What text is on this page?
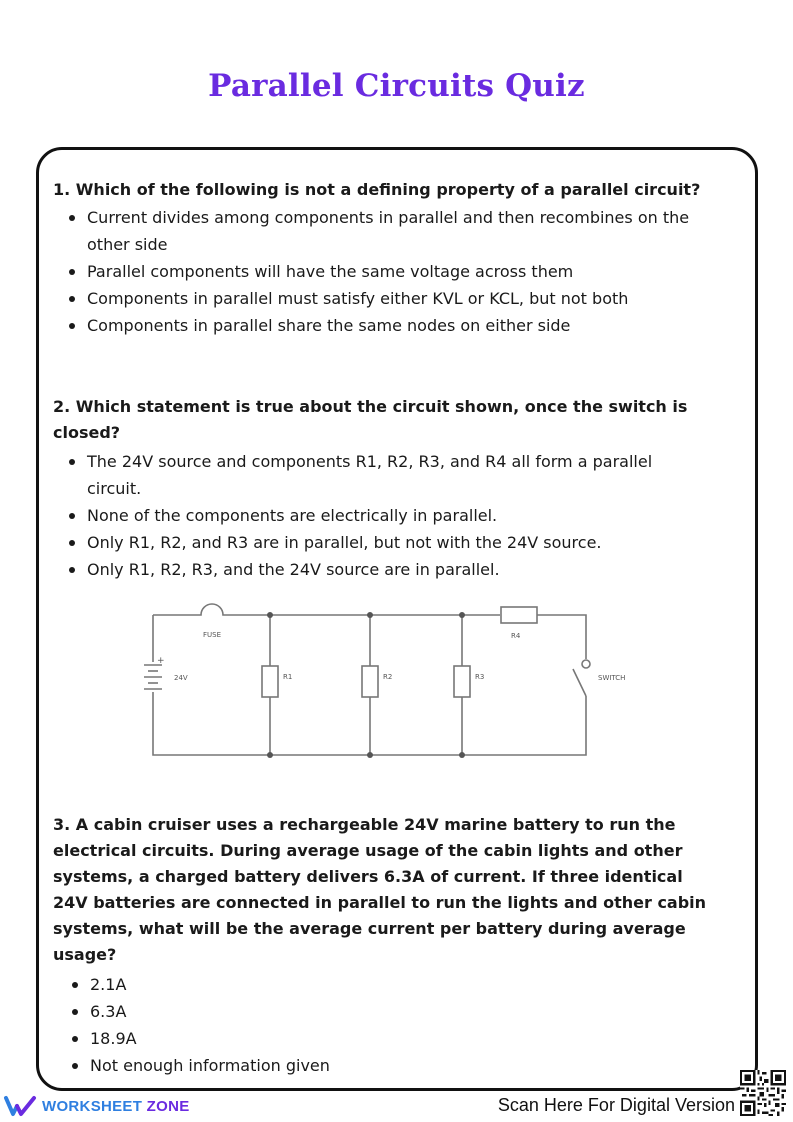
Parallel Circuits Quiz
1. Which of the following is not a defining property of a parallel circuit?
Current divides among components in parallel and then recombines on the other side
Parallel components will have the same voltage across them
Components in parallel must satisfy either KVL or KCL, but not both
Components in parallel share the same nodes on either side
2. Which statement is true about the circuit shown, once the switch is closed?
The 24V source and components R1, R2, R3, and R4 all form a parallel circuit.
None of the components are electrically in parallel.
Only R1, R2, and R3 are in parallel, but not with the 24V source.
Only R1, R2, R3, and the 24V source are in parallel.
+
FUSE
24V	R1	R2	R3
R4
SWITCH
3. A cabin cruiser uses a rechargeable 24V marine battery to run the electrical circuits. During average usage of the cabin lights and other systems, a charged battery delivers 6.3A of current. If three identical 24V batteries are connected in parallel to run the lights and other cabin systems, what will be the average current per battery during average usage?
2.1A
6.3A
18.9A
Not enough information given
WORKSHEET ZONE	Scan Here For Digital Version
